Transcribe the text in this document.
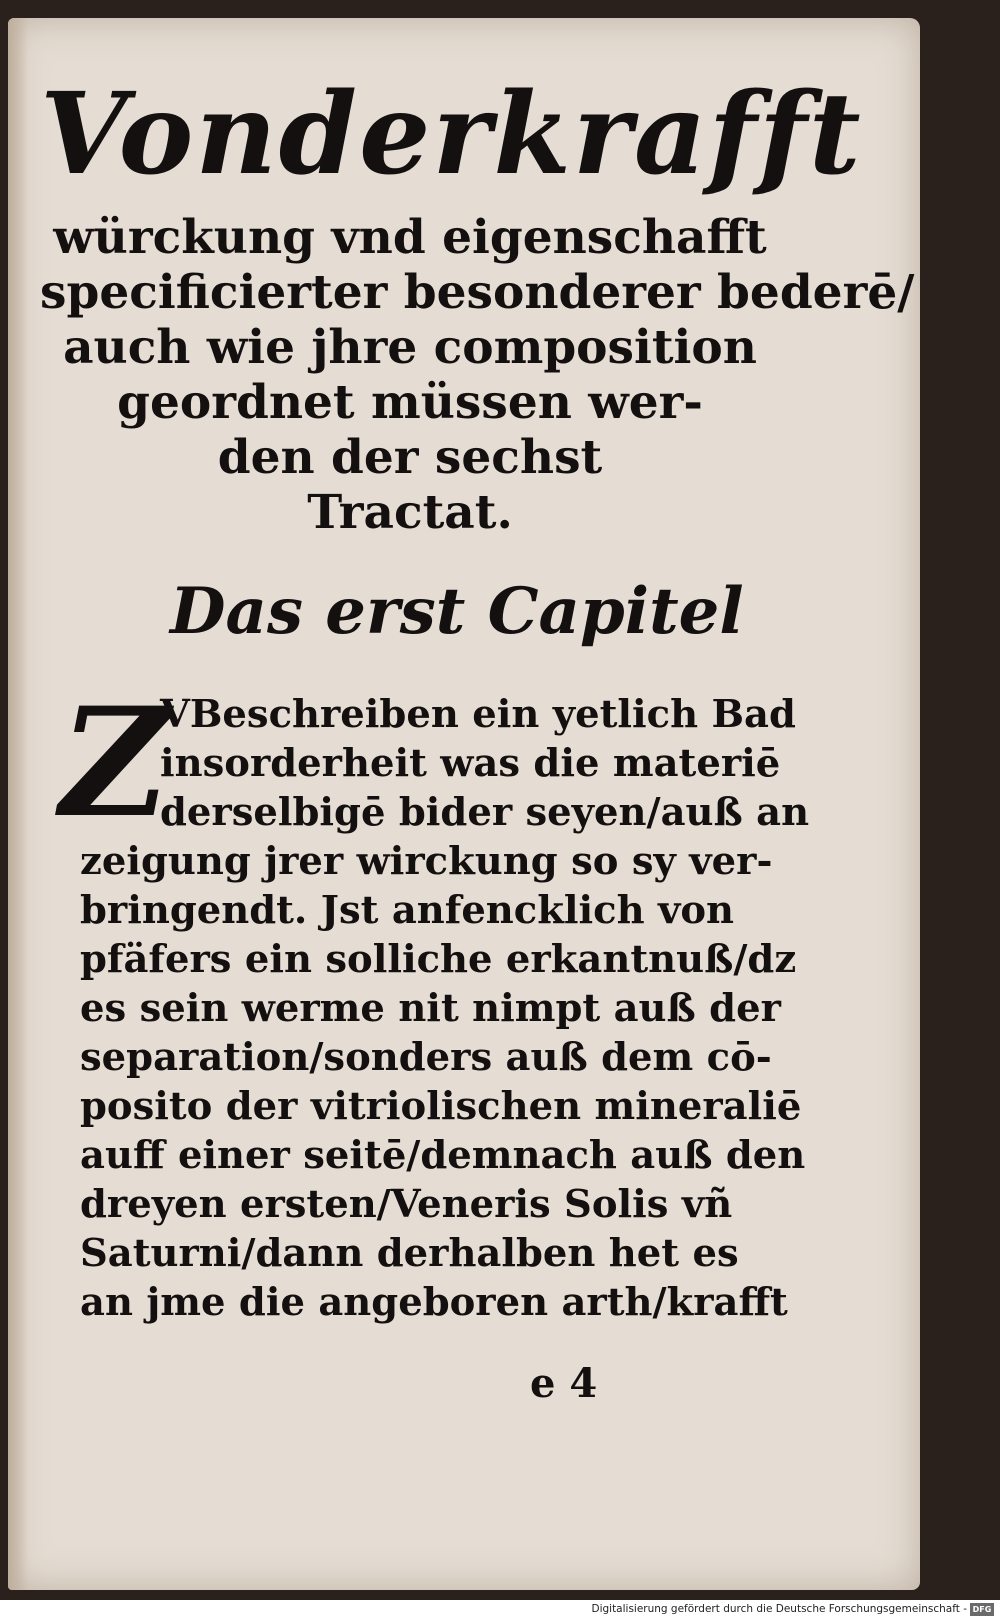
Vonderkrafft
würckung vnd eigenschafft
specificierter besonderer bederē/
auch wie jhre composition
geordnet müssen wer-
den der sechst
Tractat.
Das erst Capitel
Z
VBeschreiben ein yetlich Bad
insorderheit was die materiē
derselbigē bider seyen/auß an
zeigung jrer wirckung so sy ver-
bringendt. Jst anfencklich von
pfäfers ein solliche erkantnuß/dz
es sein werme nit nimpt auß der
separation/sonders auß dem cō-
posito der vitriolischen mineraliē
auff einer seitē/demnach auß den
dreyen ersten/Veneris Solis vñ
Saturni/dann derhalben het es
an jme die angeboren arth/krafft
e 4
Digitalisierung gefördert durch die Deutsche Forschungsgemeinschaft - DFG
